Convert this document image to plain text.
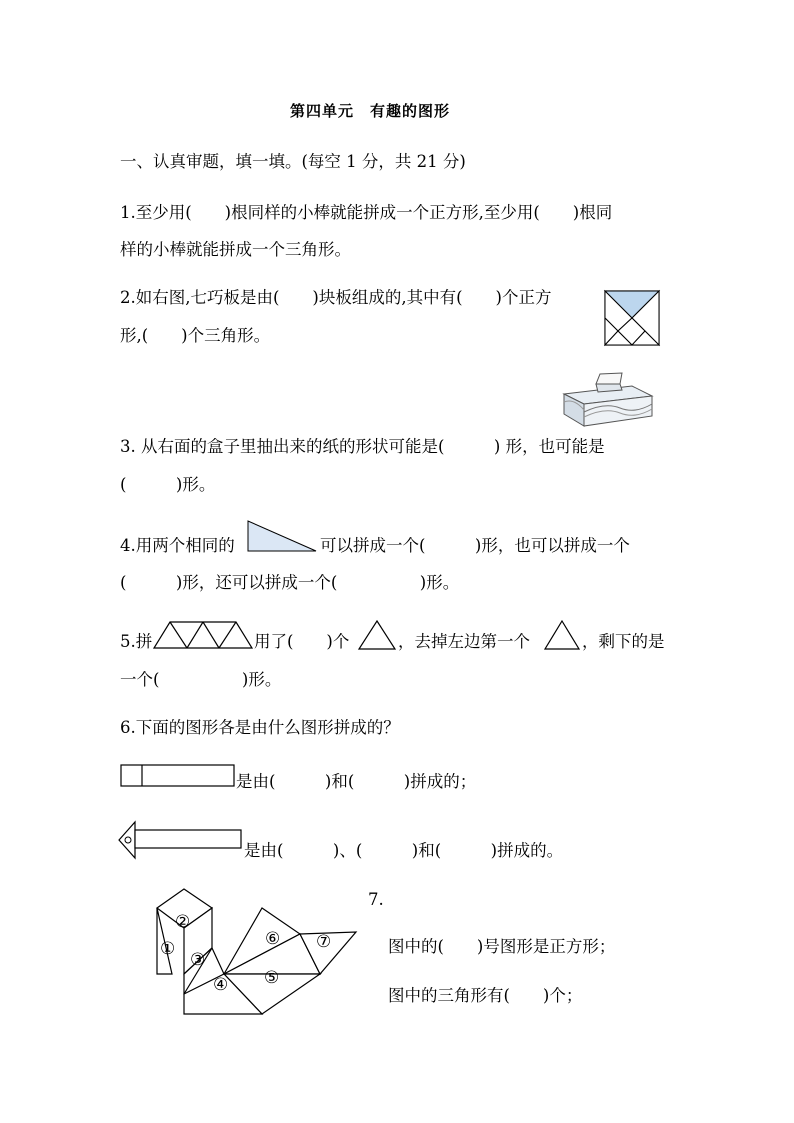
第四单元　有趣的图形
一、认真审题，填一填。(每空 1 分，共 21 分)
1.至少用(　　)根同样的小棒就能拼成一个正方形,至少用(　　)根同
样的小棒就能拼成一个三角形。
2.如右图,七巧板是由(　　)块板组成的,其中有(　　)个正方
形,(　　)个三角形。
3. 从右面的盒子里抽出来的纸的形状可能是(　　　) 形，也可能是
(　　　)形。
4.用两个相同的	可以拼成一个(　　　)形，也可以拼成一个
(　　　)形，还可以拼成一个(　　　　　)形。
5.拼	用了(　　)个	，去掉左边第一个	，剩下的是
一个(　　　　　)形。
6.下面的图形各是由什么图形拼成的？
是由(　　　)和(　　　)拼成的；
是由(　　　)、(　　　)和(　　　)拼成的。
①
②
③
④ ⑤
⑥ ⑦
7.
图中的(　　)号图形是正方形；
图中的三角形有(　　)个；
